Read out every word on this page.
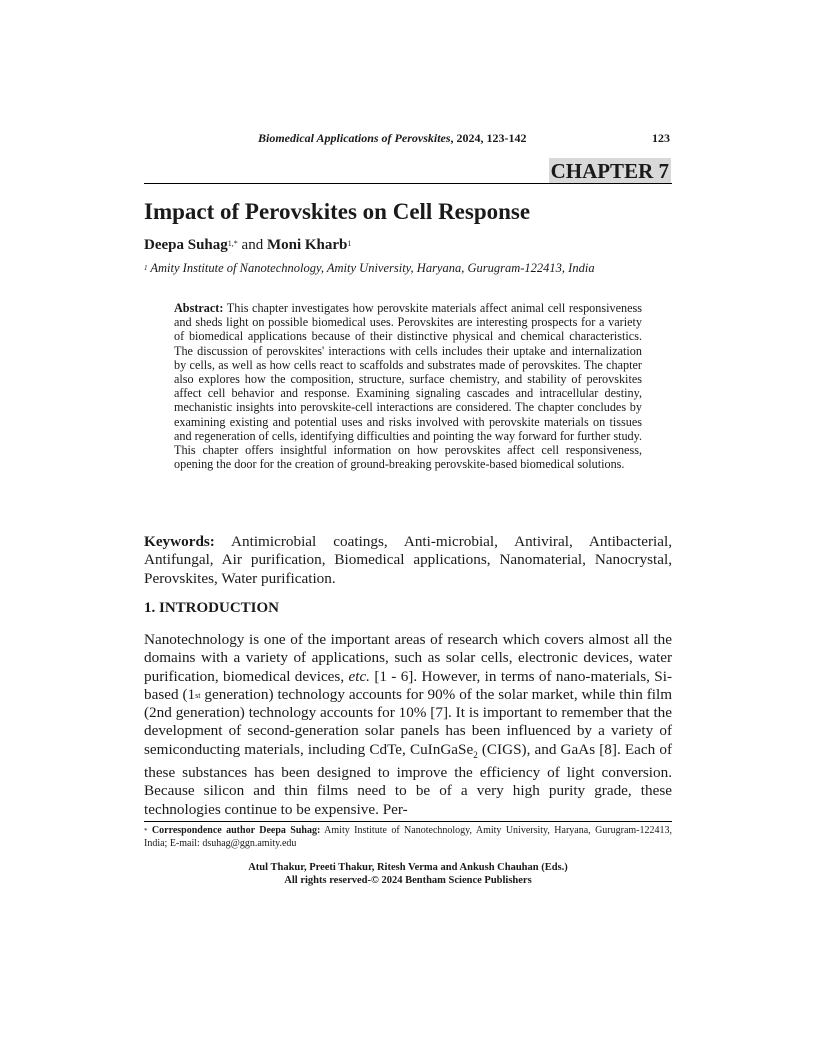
Biomedical Applications of Perovskites, 2024, 123-142	123
CHAPTER 7
Impact of Perovskites on Cell Response
Deepa Suhag$^{1,*}$ and Moni Kharb$^1$
$^1$ Amity Institute of Nanotechnology, Amity University, Haryana, Gurugram-122413, India

Abstract: This chapter investigates how perovskite materials affect animal cell responsiveness and sheds light on possible biomedical uses. Perovskites are interesting prospects for a variety of biomedical applications because of their distinctive physical and chemical characteristics. The discussion of perovskites' interactions with cells includes their uptake and internalization by cells, as well as how cells react to scaffolds and substrates made of perovskites. The chapter also explores how the composition, structure, surface chemistry, and stability of perovskites affect cell behavior and response. Examining signaling cascades and intracellular destiny, mechanistic insights into perovskite-cell interactions are considered. The chapter concludes by examining existing and potential uses and risks involved with perovskite materials on tissues and regeneration of cells, identifying difficulties and pointing the way forward for further study. This chapter offers insightful information on how perovskites affect cell responsiveness, opening the door for the creation of ground-breaking perovskite-based biomedical solutions.

Keywords: Antimicrobial coatings, Anti-microbial, Antiviral, Antibacterial, Antifungal, Air purification, Biomedical applications, Nanomaterial, Nanocrystal, Perovskites, Water purification.

1. INTRODUCTION

Nanotechnology is one of the important areas of research which covers almost all the domains with a variety of applications, such as solar cells, electronic devices, water purification, biomedical devices, etc. [1 - 6]. However, in terms of nano-materials, Si-based (1st generation) technology accounts for 90% of the solar market, while thin film (2nd generation) technology accounts for 10% [7]. It is important to remember that the development of second-generation solar panels has been influenced by a variety of semiconducting materials, including CdTe, CuInGaSe$_2$ (CIGS), and GaAs [8]. Each of these substances has been designed to improve the efficiency of light conversion. Because silicon and thin films need to be of a very high purity grade, these technologies continue to be expensive. Per-

* Correspondence author Deepa Suhag: Amity Institute of Nanotechnology, Amity University, Haryana, Gurugram-122413, India; E-mail: dsuhag@ggn.amity.edu

Atul Thakur, Preeti Thakur, Ritesh Verma and Ankush Chauhan (Eds.)
All rights reserved-© 2024 Bentham Science Publishers
